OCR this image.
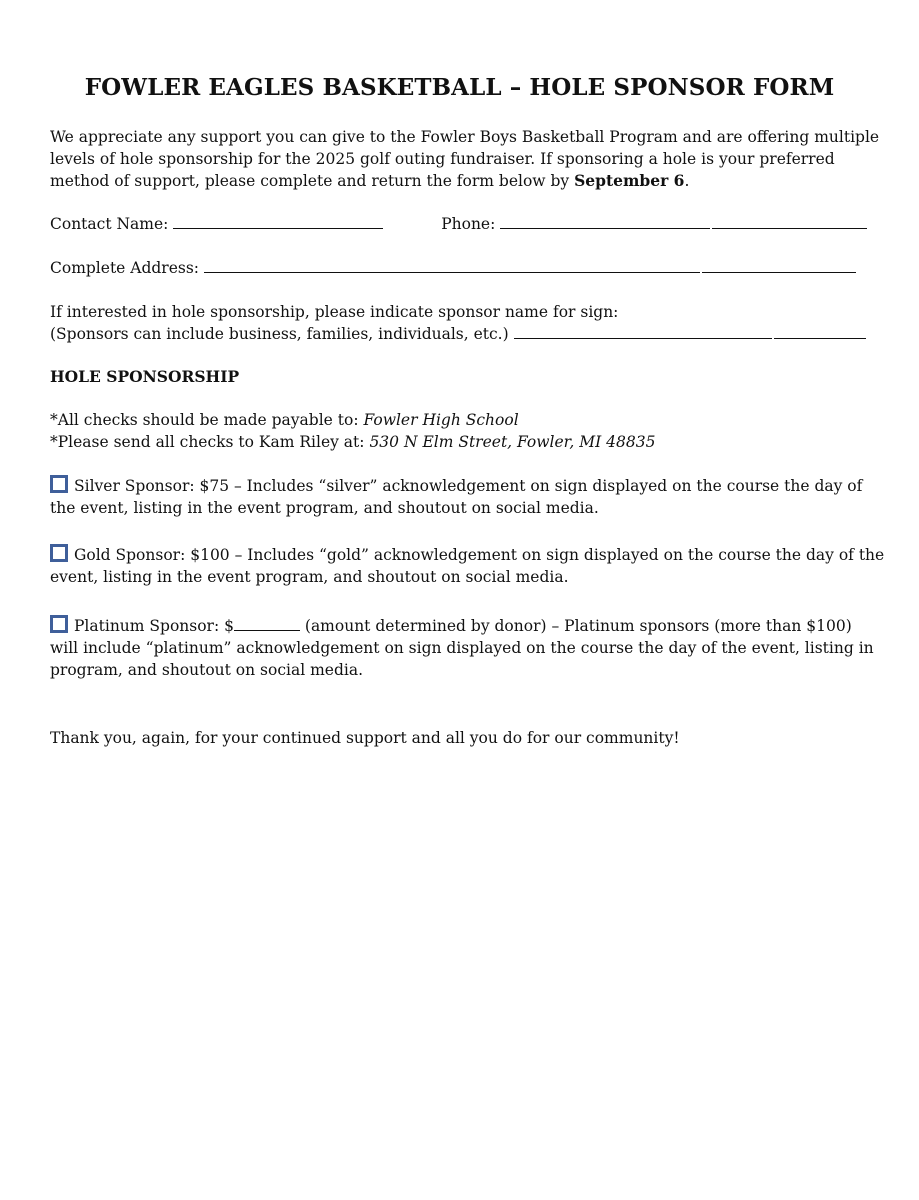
FOWLER EAGLES BASKETBALL – HOLE SPONSOR FORM
We appreciate any support you can give to the Fowler Boys Basketball Program and are offering multiple
levels of hole sponsorship for the 2025 golf outing fundraiser. If sponsoring a hole is your preferred
method of support, please complete and return the form below by September 6.
Contact Name:	Phone:
Complete Address:
If interested in hole sponsorship, please indicate sponsor name for sign:
(Sponsors can include business, families, individuals, etc.)
HOLE SPONSORSHIP
*All checks should be made payable to: Fowler High School
*Please send all checks to Kam Riley at: 530 N Elm Street, Fowler, MI 48835
Silver Sponsor: $75 – Includes “silver” acknowledgement on sign displayed on the course the day of
the event, listing in the event program, and shoutout on social media.
Gold Sponsor: $100 – Includes “gold” acknowledgement on sign displayed on the course the day of the
event, listing in the event program, and shoutout on social media.
Platinum Sponsor: $	(amount determined by donor) – Platinum sponsors (more than $100)
will include “platinum” acknowledgement on sign displayed on the course the day of the event, listing in
program, and shoutout on social media.
Thank you, again, for your continued support and all you do for our community!
